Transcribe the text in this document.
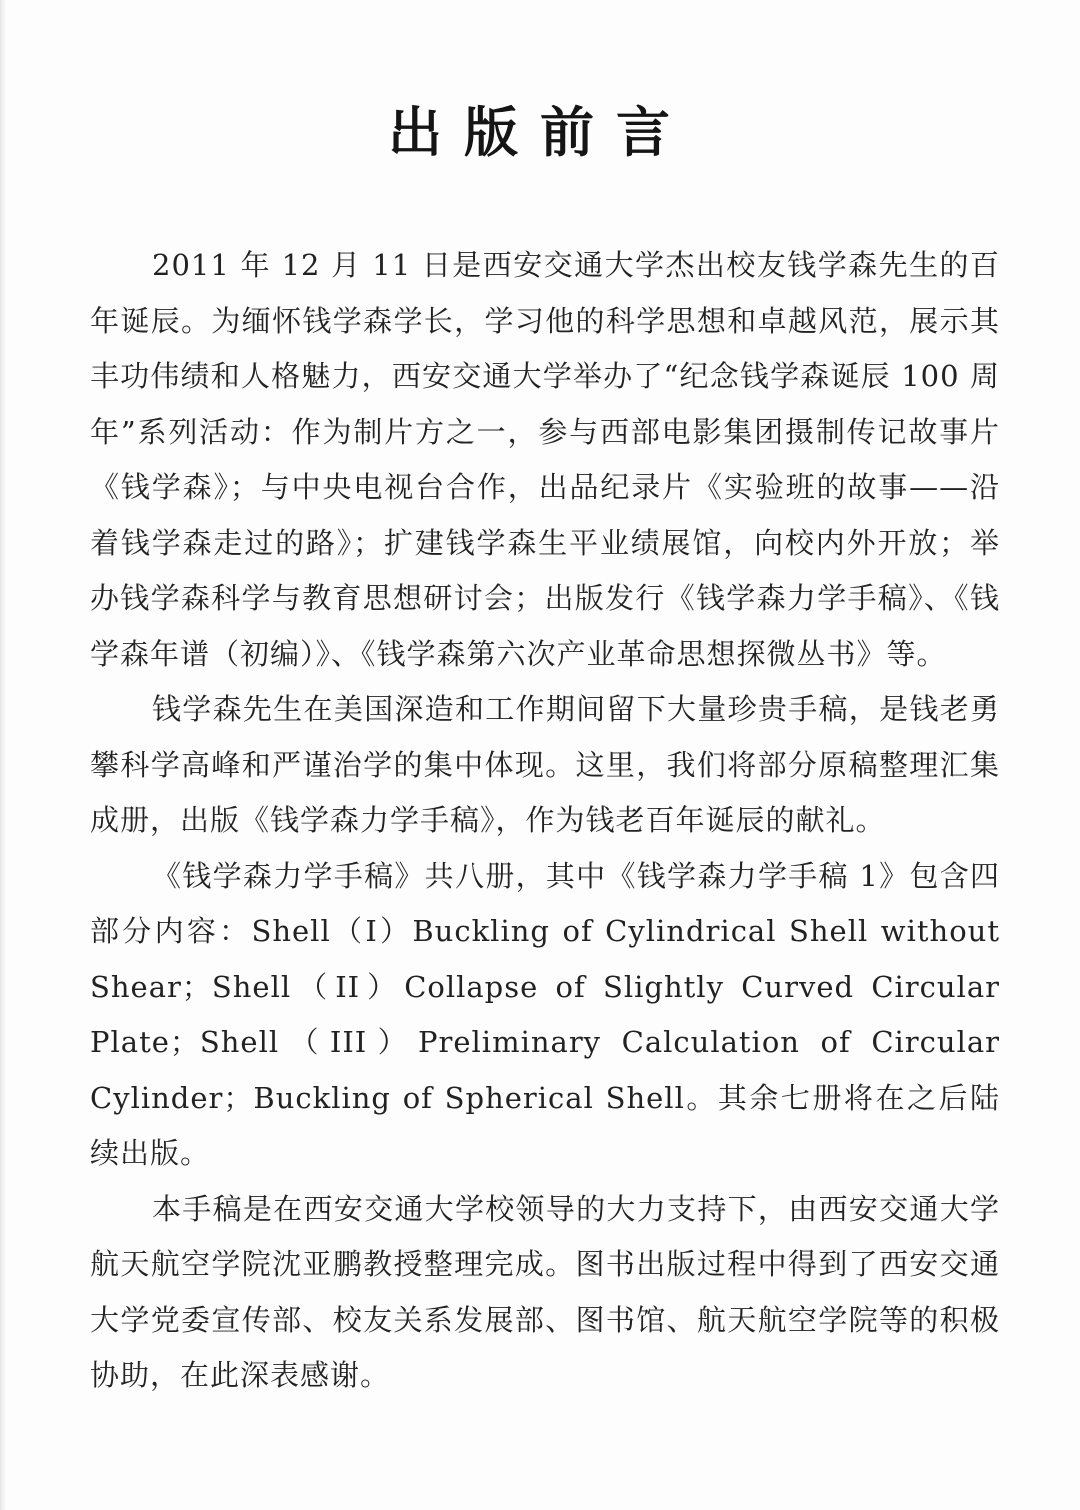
出版前言

2011 年 12 月 11 日是西安交通大学杰出校友钱学森先生的百年诞辰。为缅怀钱学森学长，学习他的科学思想和卓越风范，展示其丰功伟绩和人格魅力，西安交通大学举办了“纪念钱学森诞辰 100 周年”系列活动：作为制片方之一，参与西部电影集团摄制传记故事片《钱学森》；与中央电视台合作，出品纪录片《实验班的故事——沿着钱学森走过的路》；扩建钱学森生平业绩展馆，向校内外开放；举办钱学森科学与教育思想研讨会；出版发行《钱学森力学手稿》、《钱学森年谱（初编）》、《钱学森第六次产业革命思想探微丛书》等。

钱学森先生在美国深造和工作期间留下大量珍贵手稿，是钱老勇攀科学高峰和严谨治学的集中体现。这里，我们将部分原稿整理汇集成册，出版《钱学森力学手稿》，作为钱老百年诞辰的献礼。

《钱学森力学手稿》共八册，其中《钱学森力学手稿 1》包含四部分内容：Shell（I）Buckling of Cylindrical Shell without Shear；Shell（II）Collapse of Slightly Curved Circular Plate；Shell（III）Preliminary Calculation of Circular Cylinder；Buckling of Spherical Shell。其余七册将在之后陆续出版。

本手稿是在西安交通大学校领导的大力支持下，由西安交通大学航天航空学院沈亚鹏教授整理完成。图书出版过程中得到了西安交通大学党委宣传部、校友关系发展部、图书馆、航天航空学院等的积极协助，在此深表感谢。
